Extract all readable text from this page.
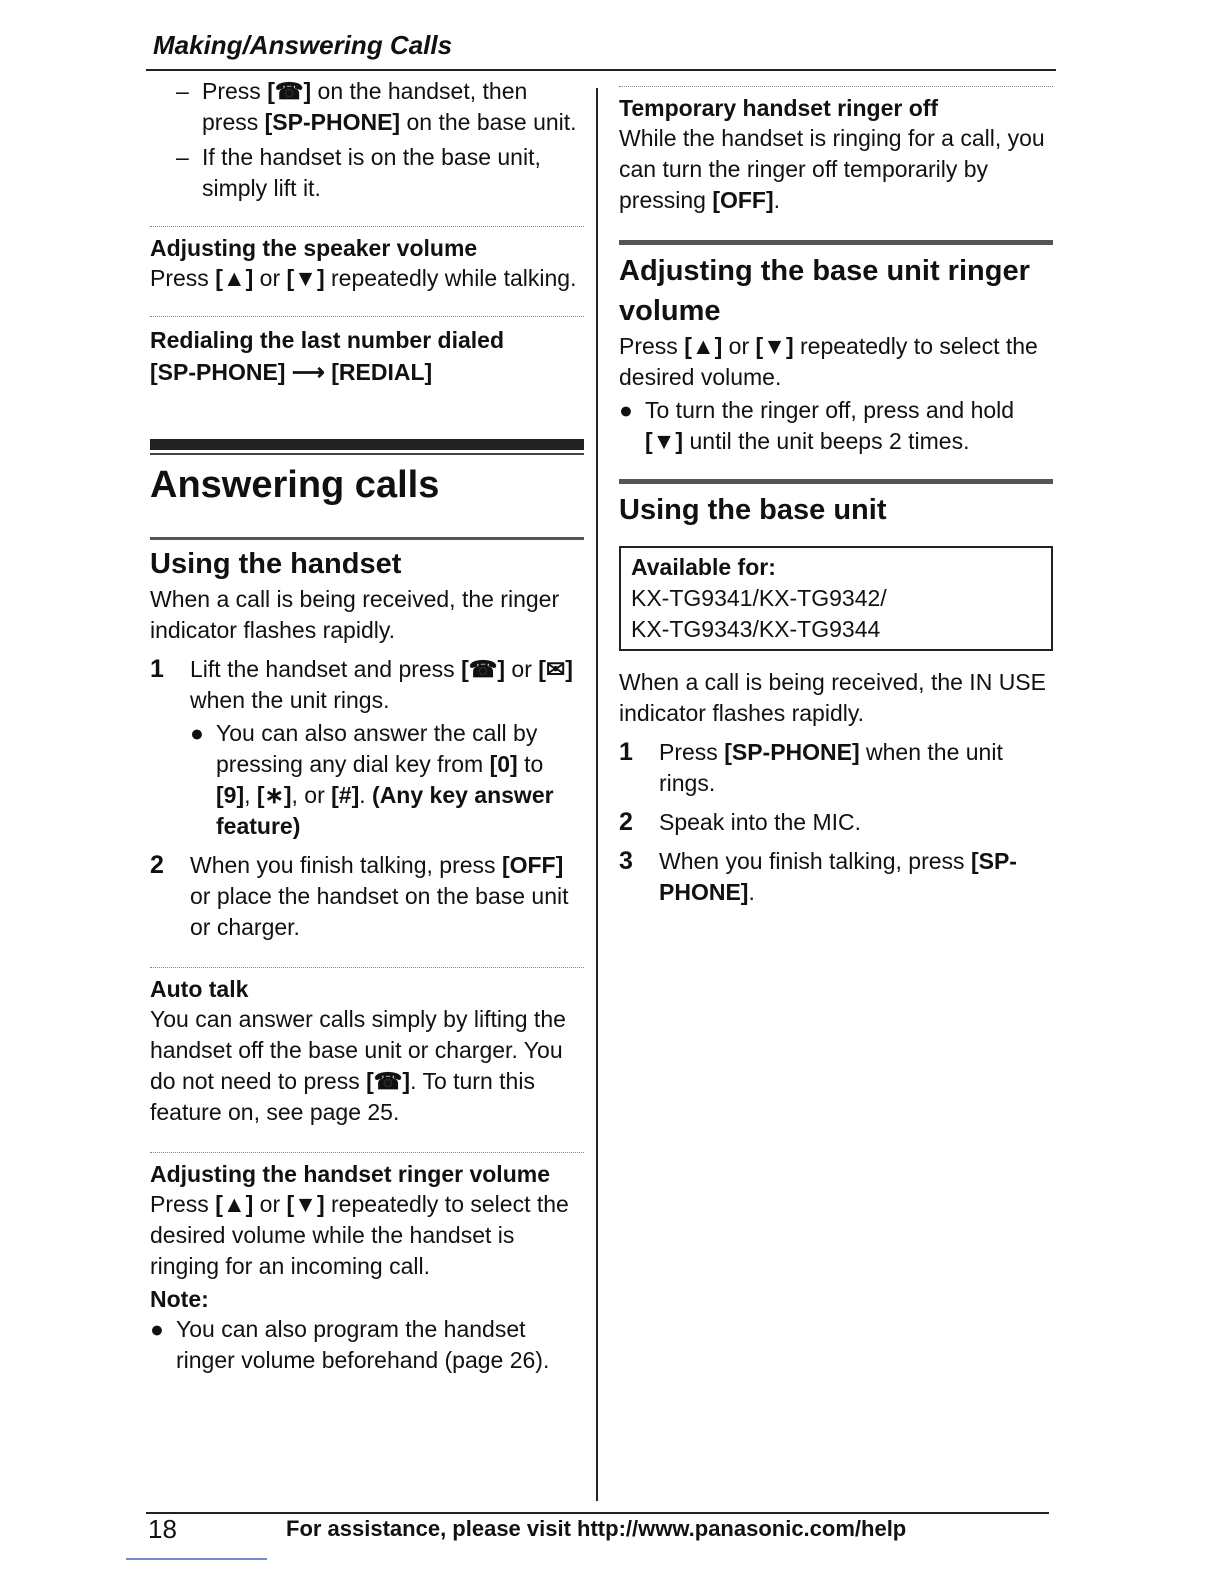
Making/Answering Calls
– Press [☎] on the handset, then press [SP-PHONE] on the base unit.
– If the handset is on the base unit, simply lift it.
Adjusting the speaker volume
Press [▲] or [▼] repeatedly while talking.
Redialing the last number dialed
[SP-PHONE] ⟶ [REDIAL]
Answering calls
Using the handset
When a call is being received, the ringer indicator flashes rapidly.
1 Lift the handset and press [☎] or [✉] when the unit rings.
● You can also answer the call by pressing any dial key from [0] to [9], [∗], or [#]. (Any key answer feature)
2 When you finish talking, press [OFF] or place the handset on the base unit or charger.
Auto talk
You can answer calls simply by lifting the handset off the base unit or charger. You do not need to press [☎]. To turn this feature on, see page 25.
Adjusting the handset ringer volume
Press [▲] or [▼] repeatedly to select the desired volume while the handset is ringing for an incoming call.
Note:
● You can also program the handset ringer volume beforehand (page 26).
Temporary handset ringer off
While the handset is ringing for a call, you can turn the ringer off temporarily by pressing [OFF].
Adjusting the base unit ringer volume
Press [▲] or [▼] repeatedly to select the desired volume.
● To turn the ringer off, press and hold [▼] until the unit beeps 2 times.
Using the base unit
Available for:
KX-TG9341/KX-TG9342/
KX-TG9343/KX-TG9344
When a call is being received, the IN USE indicator flashes rapidly.
1 Press [SP-PHONE] when the unit rings.
2 Speak into the MIC.
3 When you finish talking, press [SP-PHONE].
18	For assistance, please visit http://www.panasonic.com/help
